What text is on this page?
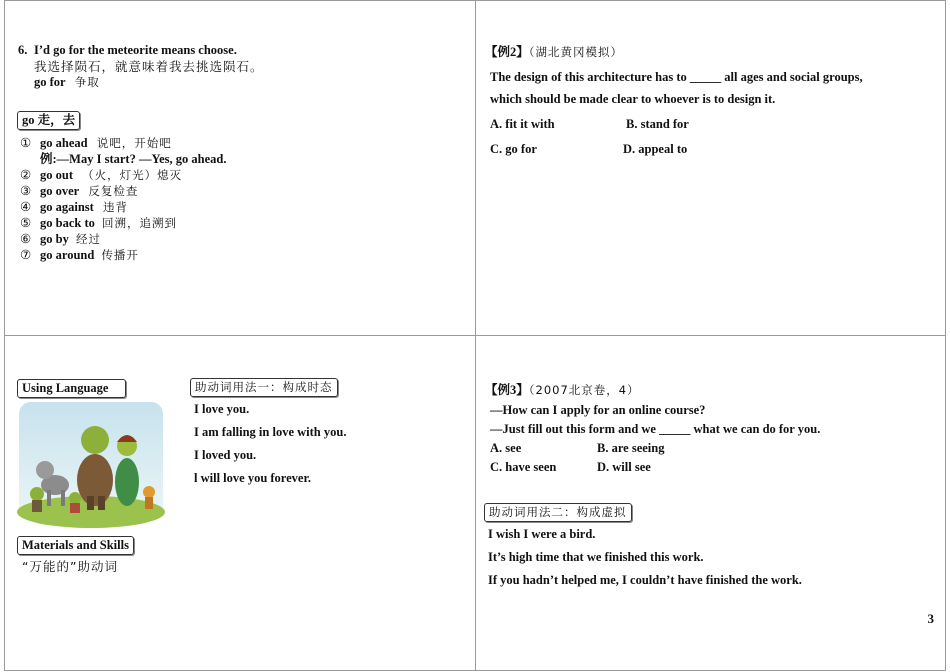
6. I’d go for the meteorite means choose.
我选择陨石，就意味着我去挑选陨石。
go for 争取
go 走，去
① go ahead 说吧，开始吧
例:—May I start? —Yes, go ahead.
② go out （火，灯光）熄灭
③ go over 反复检查
④ go against 违背
⑤ go back to 回溯，追溯到
⑥ go by 经过
⑦ go around 传播开
【例2】（湖北黄冈模拟）
The design of this architecture has to _____ all ages and social groups,
which should be made clear to whoever is to design it.
A. fit it with	B. stand for
C. go for	D. appeal to
Using Language
Materials and Skills
“万能的”助动词
助动词用法一：构成时态
I love you.
I am falling in love with you.
I loved you.
l will love you forever.
【例3】（2007北京卷，4）
—How can I apply for an online course?
—Just fill out this form and we _____ what we can do for you.
A. see	B. are seeing
C. have seen	D. will see
助动词用法二：构成虚拟
I wish I were a bird.
It’s high time that we finished this work.
If you hadn’t helped me, I couldn’t have finished the work.
3
